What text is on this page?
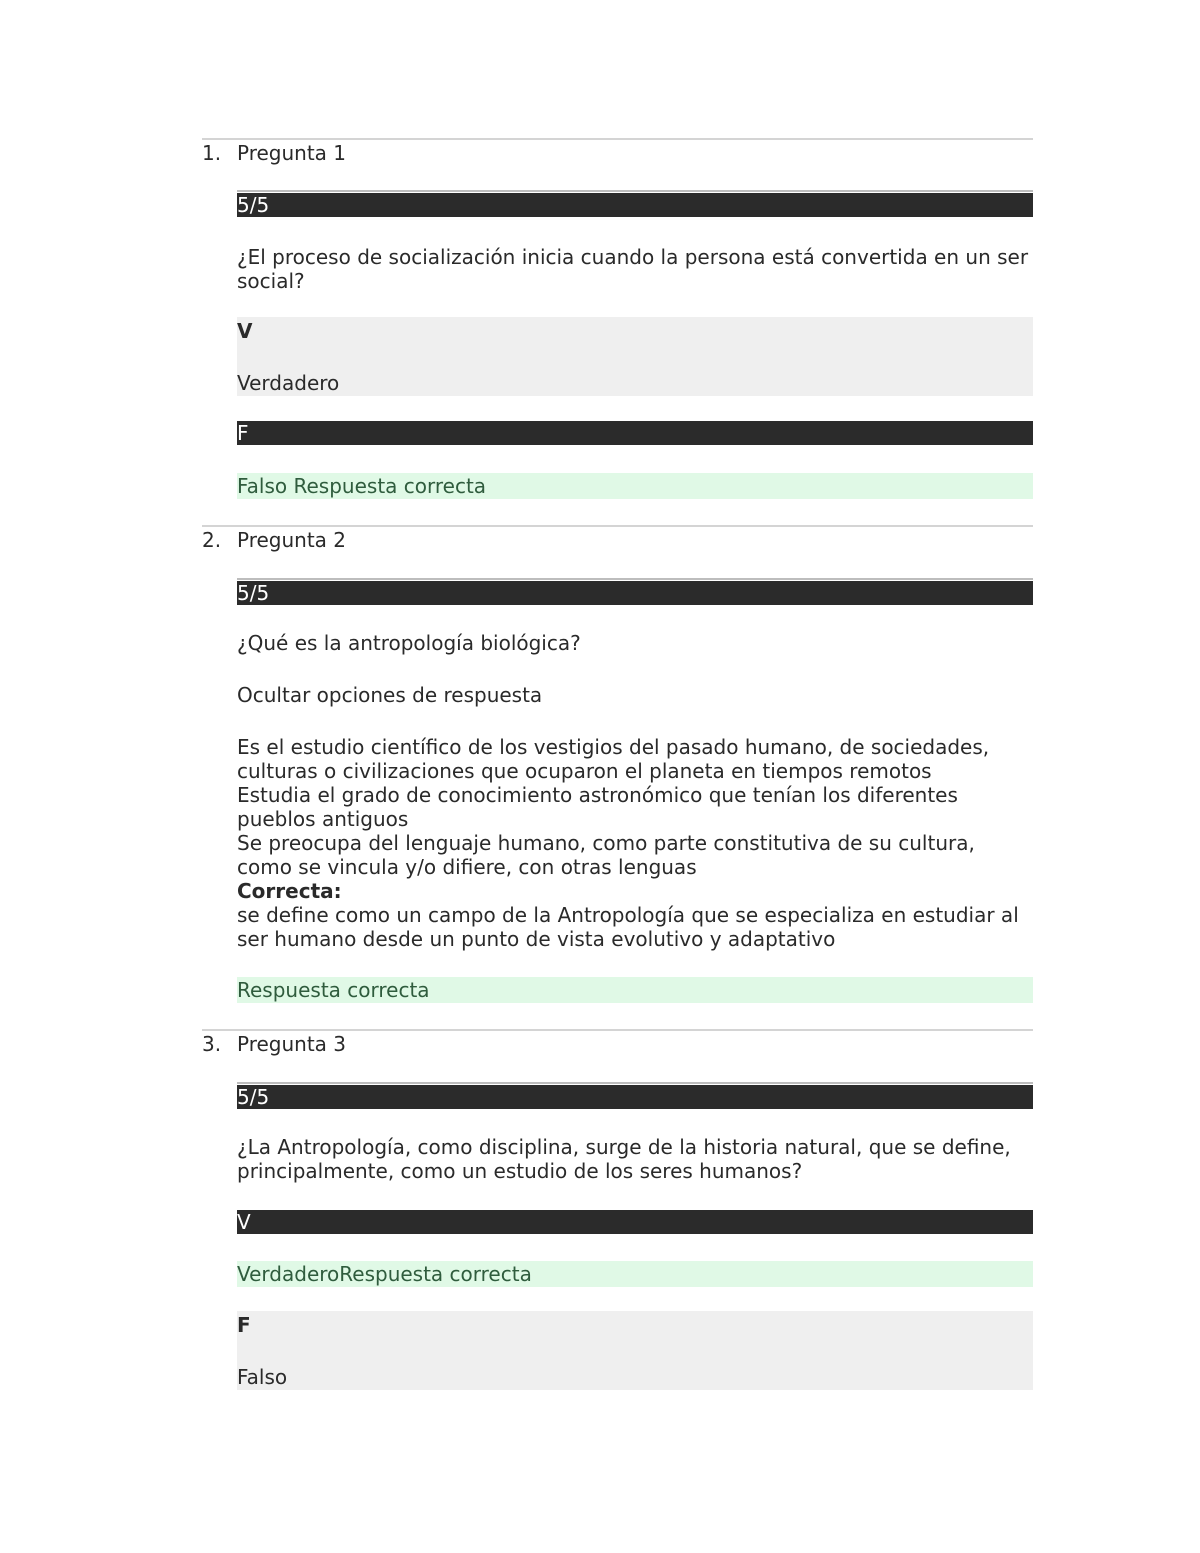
1. Pregunta 1
5/5
¿El proceso de socialización inicia cuando la persona está convertida en un ser social?
V
Verdadero
F
Falso Respuesta correcta
2. Pregunta 2
5/5
¿Qué es la antropología biológica?
Ocultar opciones de respuesta
Es el estudio científico de los vestigios del pasado humano, de sociedades, culturas o civilizaciones que ocuparon el planeta en tiempos remotos
Estudia el grado de conocimiento astronómico que tenían los diferentes pueblos antiguos
Se preocupa del lenguaje humano, como parte constitutiva de su cultura, como se vincula y/o difiere, con otras lenguas
Correcta:
se define como un campo de la Antropología que se especializa en estudiar al ser humano desde un punto de vista evolutivo y adaptativo
Respuesta correcta
3. Pregunta 3
5/5
¿La Antropología, como disciplina, surge de la historia natural, que se define, principalmente, como un estudio de los seres humanos?
V
VerdaderoRespuesta correcta
F
Falso
